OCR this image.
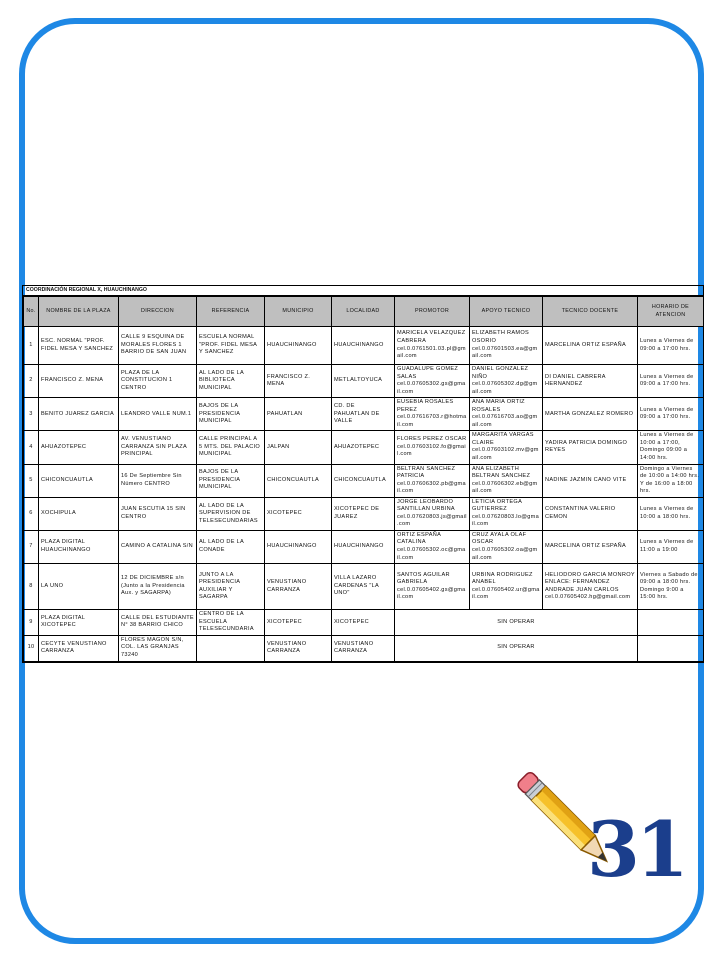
COORDINACIÓN REGIONAL X, HUAUCHINANGO
No.	NOMBRE DE LA PLAZA	DIRECCION	REFERENCIA	MUNICIPIO	LOCALIDAD	PROMOTOR	APOYO TECNICO	TECNICO DOCENTE	HORARIO DE ATENCION
1	ESC. NORMAL "PROF. FIDEL MESA Y SANCHEZ	CALLE 9 ESQUINA DE MORALES FLORES 1 BARRIO DE SAN JUAN	ESCUELA NORMAL "PROF. FIDEL MESA Y SANCHEZ	HUAUCHINANGO	HUAUCHINANGO	MARICELA VELAZQUEZ CABRERA cel.0.0761501.03.pl@gmail.com	ELIZABETH RAMOS OSORIO cel.0.07601503.ea@gmail.com	MARCELINA ORTIZ ESPAÑA	Lunes a Viernes de 09:00 a 17:00 hrs.
2	FRANCISCO Z. MENA	PLAZA DE LA CONSTITUCION 1 CENTRO	AL LADO DE LA BIBLIOTECA MUNICIPAL	FRANCISCO Z. MENA	METLALTOYUCA	GUADALUPE GOMEZ SALAS cel.0.07605302.gs@gmail.com	DANIEL GONZALEZ NIÑO cel.0.07605302.dg@gmail.com	DI DANIEL CABRERA HERNANDEZ	Lunes a Viernes de 09:00 a 17:00 hrs.
3	BENITO JUAREZ GARCIA	LEANDRO VALLE NUM.1	BAJOS DE LA PRESIDENCIA MUNICIPAL	PAHUATLAN	CD. DE PAHUATLAN DE VALLE	EUSEBIA ROSALES PEREZ cel.0.07616703.r@hotmail.com	ANA MARIA ORTIZ ROSALES cel.0.07616703.ao@gmail.com	MARTHA GONZALEZ ROMERO	Lunes a Viernes de 09:00 a 17:00 hrs.
4	AHUAZOTEPEC	AV. VENUSTIANO CARRANZA SIN PLAZA PRINCIPAL	CALLE PRINCIPAL A 5 MTS. DEL PALACIO MUNICIPAL	JALPAN	AHUAZOTEPEC	FLORES PEREZ OSCAR cel.0.07603102.fo@gmail.com	MARGARITA VARGAS CLAIRE cel.0.07603102.mv@gmail.com	YADIRA PATRICIA DOMINGO REYES	Lunes a Viernes de 10:00 a 17:00, Domingo 09:00 a 14:00 hrs.
5	CHICONCUAUTLA	16 De Septiembre Sin Número CENTRO	BAJOS DE LA PRESIDENCIA MUNICIPAL	CHICONCUAUTLA	CHICONCUAUTLA	BELTRAN SANCHEZ PATRICIA cel.0.07606302.pb@gmail.com	ANA ELIZABETH BELTRAN SANCHEZ cel.0.07606302.eb@gmail.com	NADINE JAZMIN CANO VITE	Domingo a Viernes de 10:00 a 14:00 hrs. Y de 16:00 a 18:00 hrs.
6	XOCHIPULA	JUAN ESCUTIA 15 SIN CENTRO	AL LADO DE LA SUPERVISION DE TELESECUNDARIAS	XICOTEPEC	XICOTEPEC DE JUAREZ	JORGE LEOBARDO SANTILLAN URBINA cel.0.07620803.js@gmail.com	LETICIA ORTEGA GUTIERREZ cel.0.07620803.lo@gmail.com	CONSTANTINA VALERIO CEMON	Lunes a Viernes de 10:00 a 18:00 hrs.
7	PLAZA DIGITAL HUAUCHINANGO	CAMINO A CATALINA S/N	AL LADO DE LA CONADE	HUAUCHINANGO	HUAUCHINANGO	ORTIZ ESPAÑA CATALINA cel.0.07605302.oc@gmail.com	CRUZ AYALA OLAF OSCAR cel.0.07605302.oa@gmail.com	MARCELINA ORTIZ ESPAÑA	Lunes a Viernes de 11:00 a 19:00
8	LA UNO	12 DE DICIEMBRE s/n (Junto a la Presidencia Aux. y SAGARPA)	JUNTO A LA PRESIDENCIA AUXILIAR Y SAGARPA	VENUSTIANO CARRANZA	VILLA LAZARO CARDENAS "LA UNO"	SANTOS AGUILAR GABRIELA cel.0.07605402.gs@gmail.com	URBINA RODRIGUEZ ANABEL cel.0.07605402.ur@gmail.com	HELIODORO GARCIA MONROY ENLACE: FERNANDEZ ANDRADE JUAN CARLOS cel.0.07605402.hg@gmail.com	Viernes a Sabado de 09:00 a 18:00 hrs. Domingo 9:00 a 15:00 hrs.
9	PLAZA DIGITAL XICOTEPEC	CALLE DEL ESTUDIANTE N° 38 BARRIO CHICO	CENTRO DE LA ESCUELA TELESECUNDARIA	XICOTEPEC	XICOTEPEC	SIN OPERAR			
10	CECYTE VENUSTIANO CARRANZA	FLORES MAGON S/N, COL. LAS GRANJAS 73240		VENUSTIANO CARRANZA	VENUSTIANO CARRANZA	SIN OPERAR			
31
